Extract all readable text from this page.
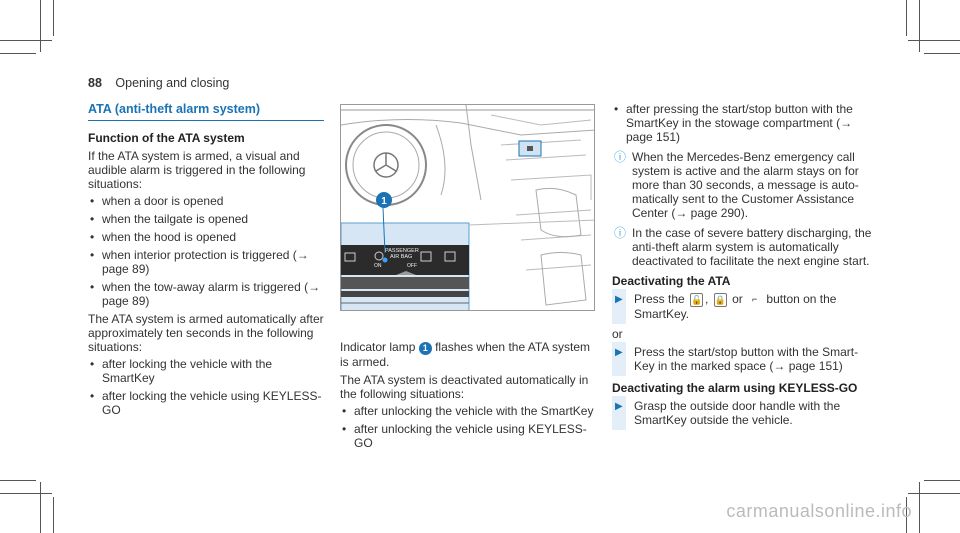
88 Opening and closing
ATA (anti-theft alarm system)
Function of the ATA system

If the ATA system is armed, a visual and audible alarm is triggered in the following situations:

• when a door is opened
• when the tailgate is opened
• when the hood is opened
• when interior protection is triggered (→ page 89)
• when the tow-away alarm is triggered (→ page 89)

The ATA system is armed automatically after approximately ten seconds in the following situations:

• after locking the vehicle with the SmartKey
• after locking the vehicle using KEYLESS-GO
1
PASSENGER
AIR BAG
ON	OFF

Indicator lamp 1 flashes when the ATA system is armed.

The ATA system is deactivated automatically in the following situations:

• after unlocking the vehicle with the SmartKey
• after unlocking the vehicle using KEYLESS-GO
• after pressing the start/stop button with the SmartKey in the stowage compartment (→ page 151)
ⓘ When the Mercedes-Benz emergency call system is active and the alarm stays on for more than 30 seconds, a message is auto-matically sent to the Customer Assistance Center (→ page 290).
ⓘ In the case of severe battery discharging, the anti-theft alarm system is automatically deactivated to facilitate the next engine start.
Deactivating the ATA
▶ Press the 🔓 , 🔒 or ⌐ button on the SmartKey.

or

▶ Press the start/stop button with the Smart-Key in the marked space (→ page 151)
Deactivating the alarm using KEYLESS-GO
▶ Grasp the outside door handle with the SmartKey outside the vehicle.
carmanualsonline.info
